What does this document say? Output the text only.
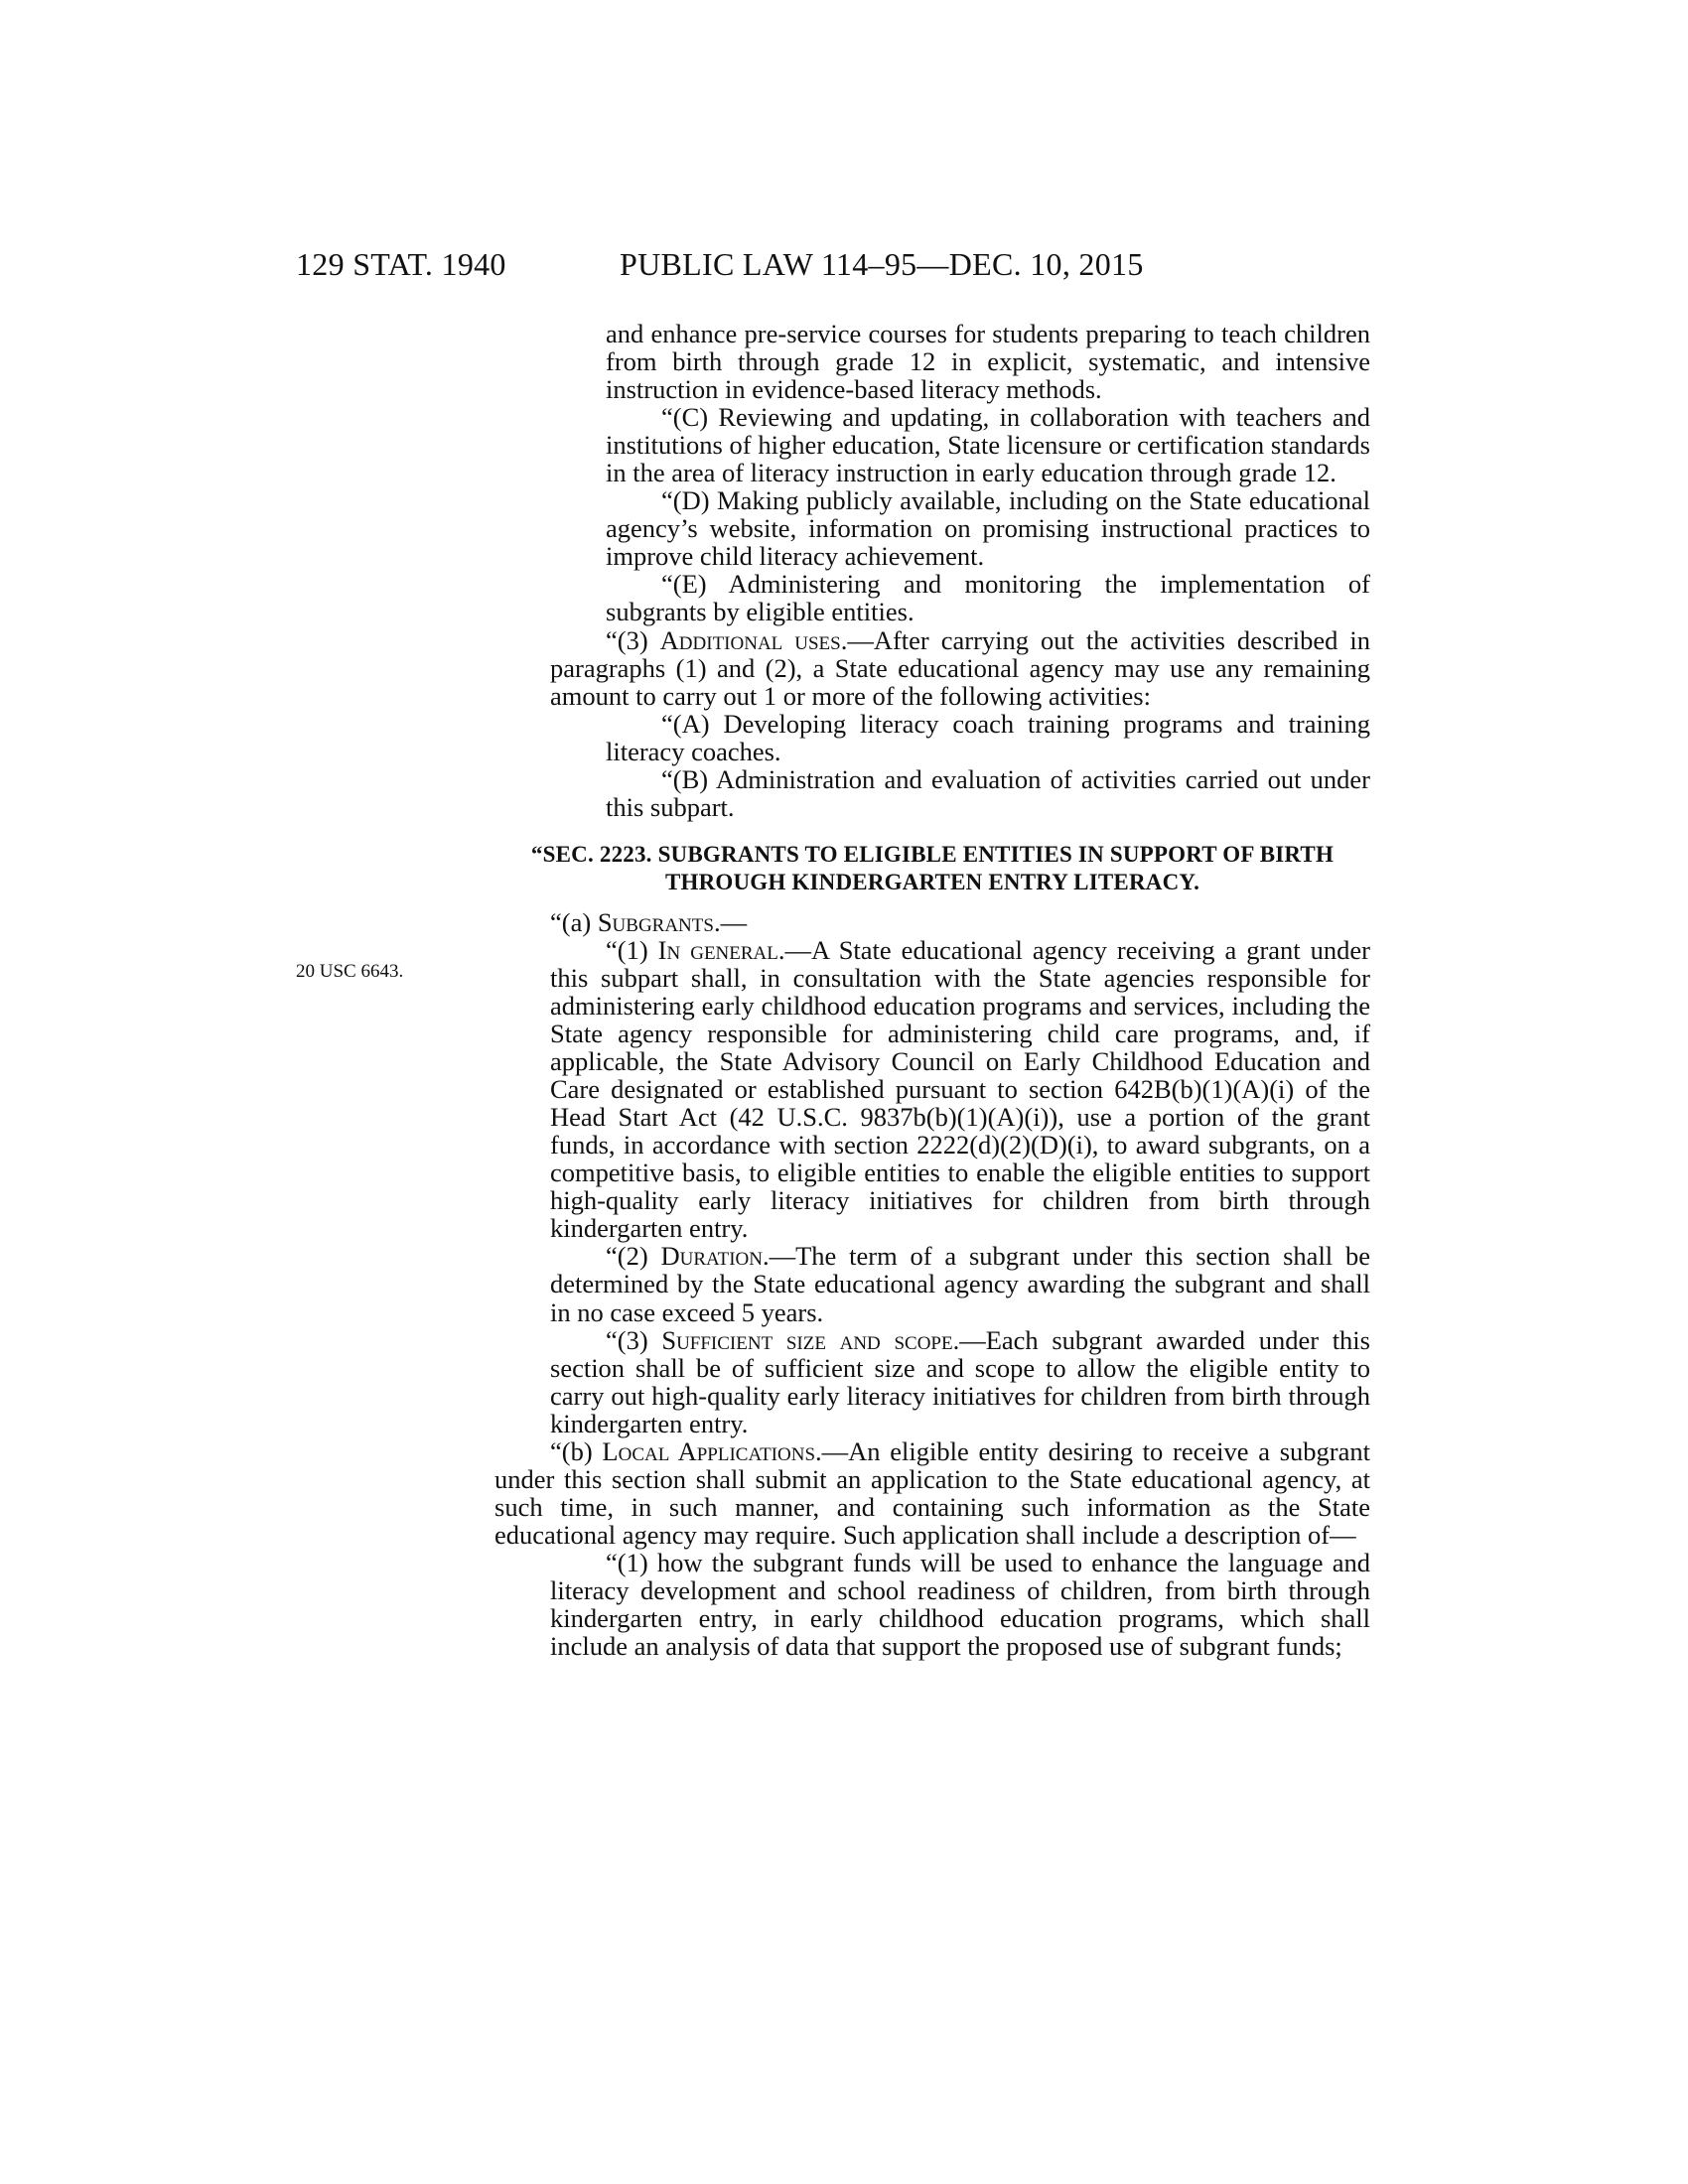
129 STAT. 1940	PUBLIC LAW 114–95—DEC. 10, 2015
20 USC 6643.

and enhance pre-service courses for students preparing to teach children from birth through grade 12 in explicit, systematic, and intensive instruction in evidence-based literacy methods.

“(C) Reviewing and updating, in collaboration with teachers and institutions of higher education, State licensure or certification standards in the area of literacy instruction in early education through grade 12.

“(D) Making publicly available, including on the State educational agency’s website, information on promising instructional practices to improve child literacy achievement.

“(E) Administering and monitoring the implementation of subgrants by eligible entities.

“(3) Additional uses.—After carrying out the activities described in paragraphs (1) and (2), a State educational agency may use any remaining amount to carry out 1 or more of the following activities:

“(A) Developing literacy coach training programs and training literacy coaches.

“(B) Administration and evaluation of activities carried out under this subpart.

“SEC. 2223. SUBGRANTS TO ELIGIBLE ENTITIES IN SUPPORT OF BIRTH
THROUGH KINDERGARTEN ENTRY LITERACY.

“(a) Subgrants.—

“(1) In general.—A State educational agency receiving a grant under this subpart shall, in consultation with the State agencies responsible for administering early childhood education programs and services, including the State agency responsible for administering child care programs, and, if applicable, the State Advisory Council on Early Childhood Education and Care designated or established pursuant to section 642B(b)(1)(A)(i) of the Head Start Act (42 U.S.C. 9837b(b)(1)(A)(i)), use a portion of the grant funds, in accordance with section 2222(d)(2)(D)(i), to award subgrants, on a competitive basis, to eligible entities to enable the eligible entities to support high-quality early literacy initiatives for children from birth through kindergarten entry.

“(2) Duration.—The term of a subgrant under this section shall be determined by the State educational agency awarding the subgrant and shall in no case exceed 5 years.

“(3) Sufficient size and scope.—Each subgrant awarded under this section shall be of sufficient size and scope to allow the eligible entity to carry out high-quality early literacy initiatives for children from birth through kindergarten entry.

“(b) Local Applications.—An eligible entity desiring to receive a subgrant under this section shall submit an application to the State educational agency, at such time, in such manner, and containing such information as the State educational agency may require. Such application shall include a description of—

“(1) how the subgrant funds will be used to enhance the language and literacy development and school readiness of children, from birth through kindergarten entry, in early childhood education programs, which shall include an analysis of data that support the proposed use of subgrant funds;
